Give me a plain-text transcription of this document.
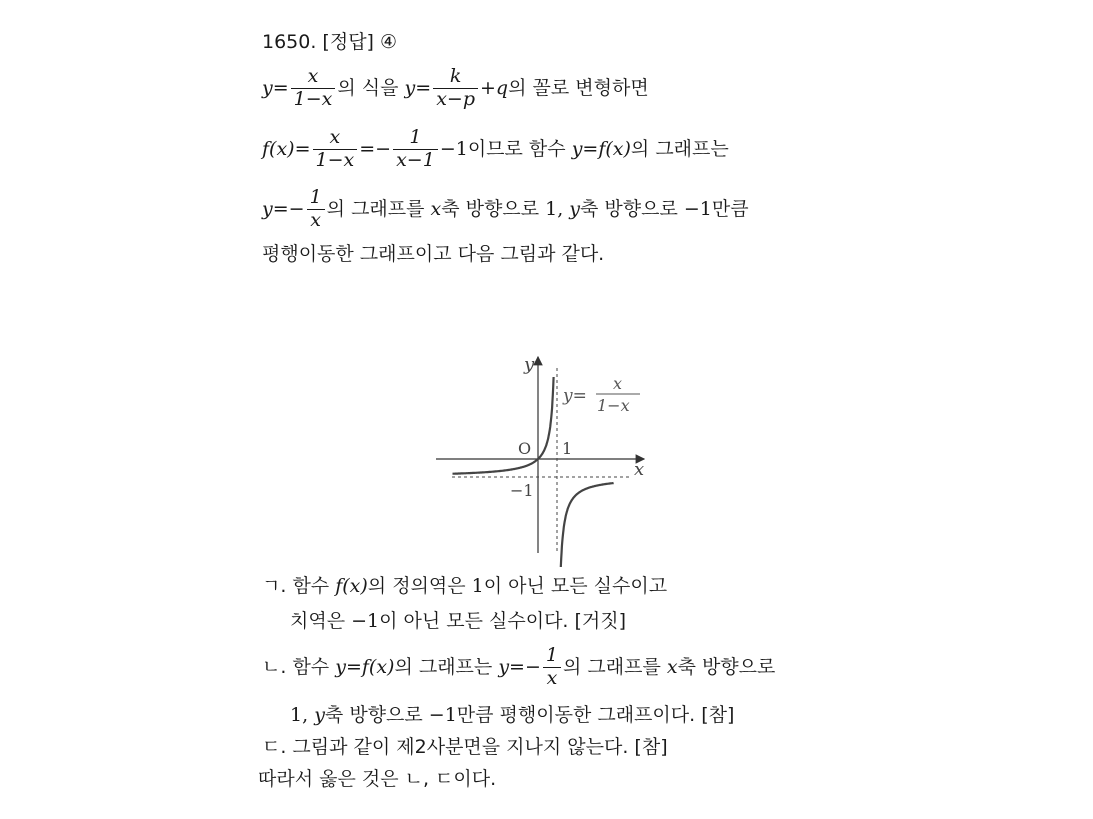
1650. [정답] ④
$y= \frac{x}{1-x}$ 의 식을 $y= \frac{k}{x-p} +q$의 꼴로 변형하면
$f(x)= \frac{x}{1-x} =- \frac{1}{x-1} -1$이므로 함수 y=f(x)의 그래프는
$y=- \frac{1}{x}$ 의 그래프를 x축 방향으로 1, y축 방향으로 −1만큼
평행이동한 그래프이고 다음 그림과 같다.
y
x
O 1
−1
y=
x
1−x
ㄱ. 함수 f(x)의 정의역은 1이 아닌 모든 실수이고
치역은 −1이 아닌 모든 실수이다. [거짓]
ㄴ. 함수 y=f(x)의 그래프는 $y=- \frac{1}{x}$ 의 그래프를 x축 방향으로
1, y축 방향으로 −1만큼 평행이동한 그래프이다. [참]
ㄷ. 그림과 같이 제2사분면을 지나지 않는다. [참]
따라서 옳은 것은 ㄴ, ㄷ이다.
